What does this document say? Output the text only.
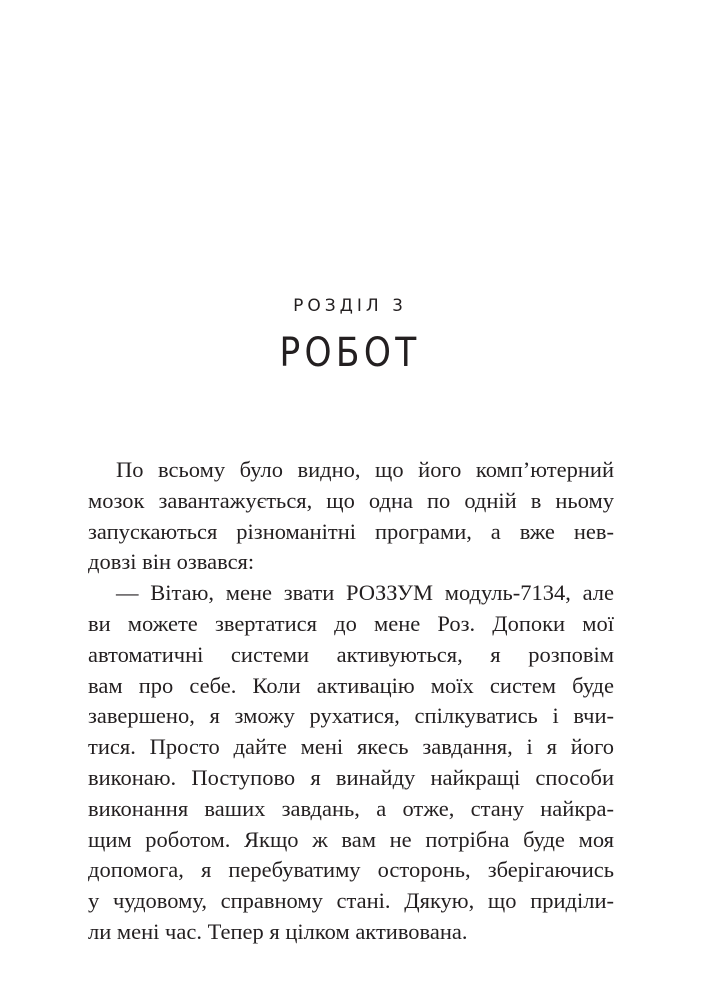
РОЗДІЛ 3
РОБОТ
По всьому було видно, що його комп’ютерний
мозок завантажується, що одна по одній в ньому
запускаються різноманітні програми, а вже нев-
довзі він озвався:
— Вітаю, мене звати РОЗЗУМ модуль-7134, але
ви можете звертатися до мене Роз. Допоки мої
автоматичні системи активуються, я розповім
вам про себе. Коли активацію моїх систем буде
завершено, я зможу рухатися, спілкуватись і вчи-
тися. Просто дайте мені якесь завдання, і я його
виконаю. Поступово я винайду найкращі способи
виконання ваших завдань, а отже, стану найкра-
щим роботом. Якщо ж вам не потрібна буде моя
допомога, я перебуватиму осторонь, зберігаючись
у чудовому, справному стані. Дякую, що приділи-
ли мені час. Тепер я цілком активована.
